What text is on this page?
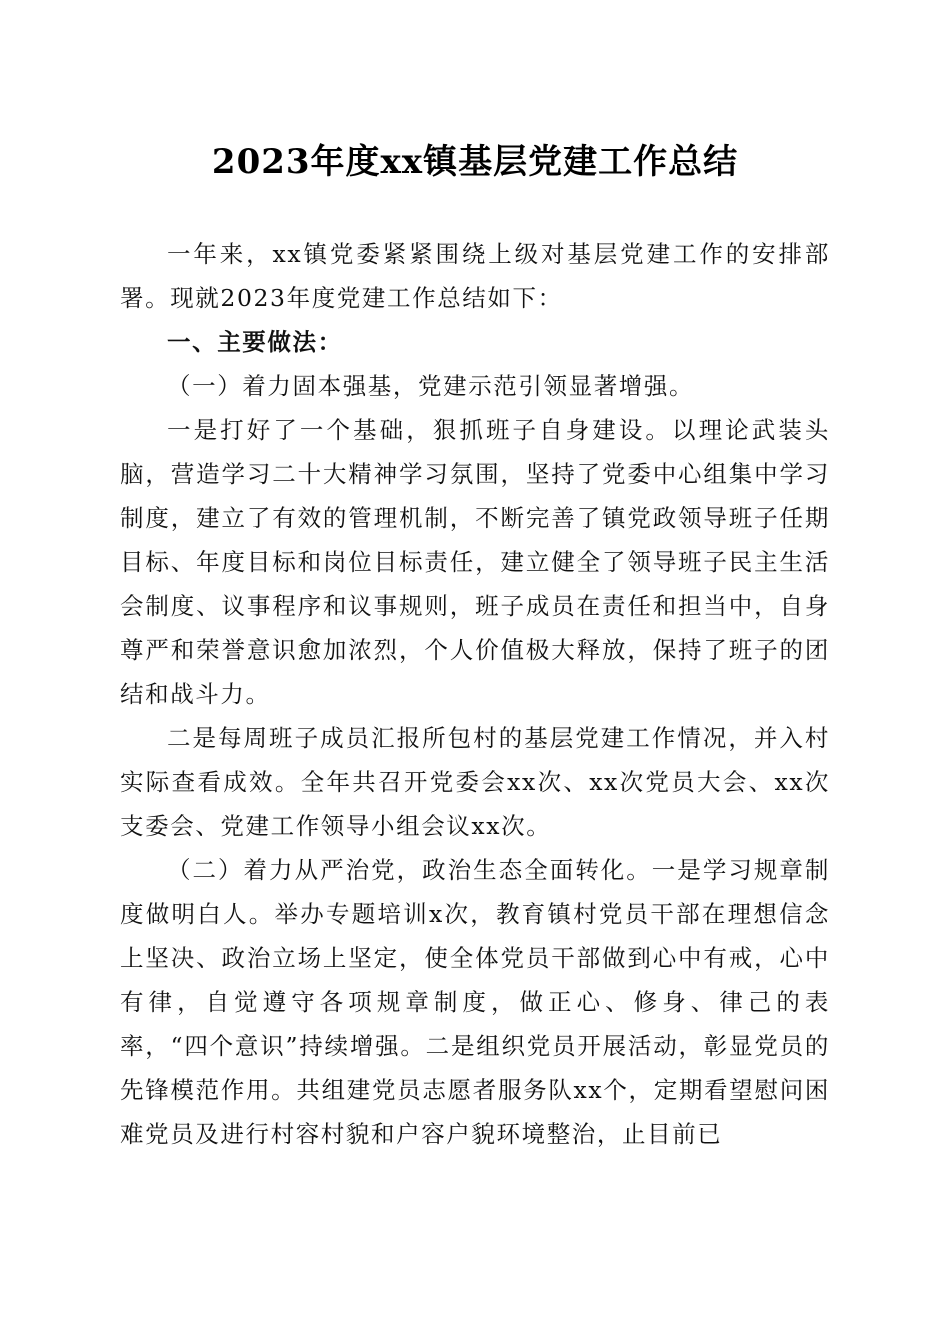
2023年度xx镇基层党建工作总结

一年来，xx镇党委紧紧围绕上级对基层党建工作的安排部署。现就2023年度党建工作总结如下：

一、主要做法：

（一）着力固本强基，党建示范引领显著增强。

一是打好了一个基础，狠抓班子自身建设。以理论武装头脑，营造学习二十大精神学习氛围，坚持了党委中心组集中学习制度，建立了有效的管理机制，不断完善了镇党政领导班子任期目标、年度目标和岗位目标责任，建立健全了领导班子民主生活会制度、议事程序和议事规则，班子成员在责任和担当中，自身尊严和荣誉意识愈加浓烈，个人价值极大释放，保持了班子的团结和战斗力。

二是每周班子成员汇报所包村的基层党建工作情况，并入村实际查看成效。全年共召开党委会xx次、xx次党员大会、xx次支委会、党建工作领导小组会议xx次。

（二）着力从严治党，政治生态全面转化。一是学习规章制度做明白人。举办专题培训x次，教育镇村党员干部在理想信念上坚决、政治立场上坚定，使全体党员干部做到心中有戒，心中有律，自觉遵守各项规章制度，做正心、修身、律己的表率，“四个意识”持续增强。二是组织党员开展活动，彰显党员的先锋模范作用。共组建党员志愿者服务队xx个，定期看望慰问困难党员及进行村容村貌和户容户貌环境整治，止目前已
